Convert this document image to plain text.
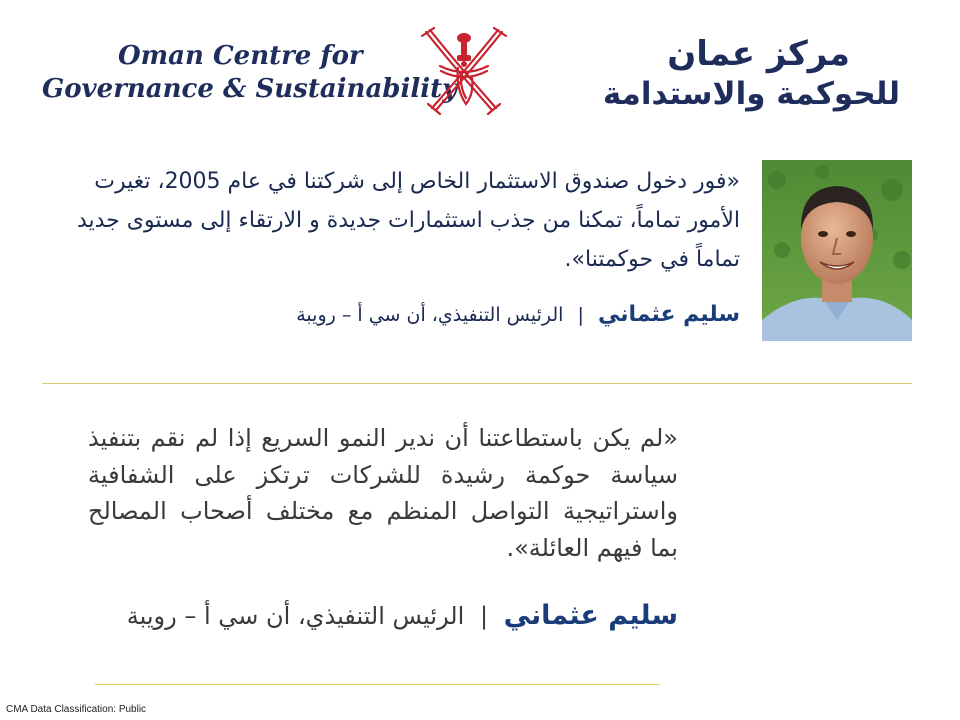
Oman Centre for
Governance & Sustainability
مركز عمان
للحوكمة والاستدامة
«فور دخول صندوق الاستثمار الخاص إلى شركتنا في عام 2005، تغيرت الأمور تماماً، تمكنا من جذب استثمارات جديدة و الارتقاء إلى مستوى جديد تماماً في حوكمتنا».
سليم عثماني | الرئيس التنفيذي، أن سي أ – رويبة
«لم يكن باستطاعتنا أن ندير النمو السريع إذا لم نقم بتنفيذ سياسة حوكمة رشيدة للشركات ترتكز على الشفافية واستراتيجية التواصل المنظم مع مختلف أصحاب المصالح بما فيهم العائلة».
سليم عثماني | الرئيس التنفيذي، أن سي أ – رويبة
CMA Data Classification: Public
